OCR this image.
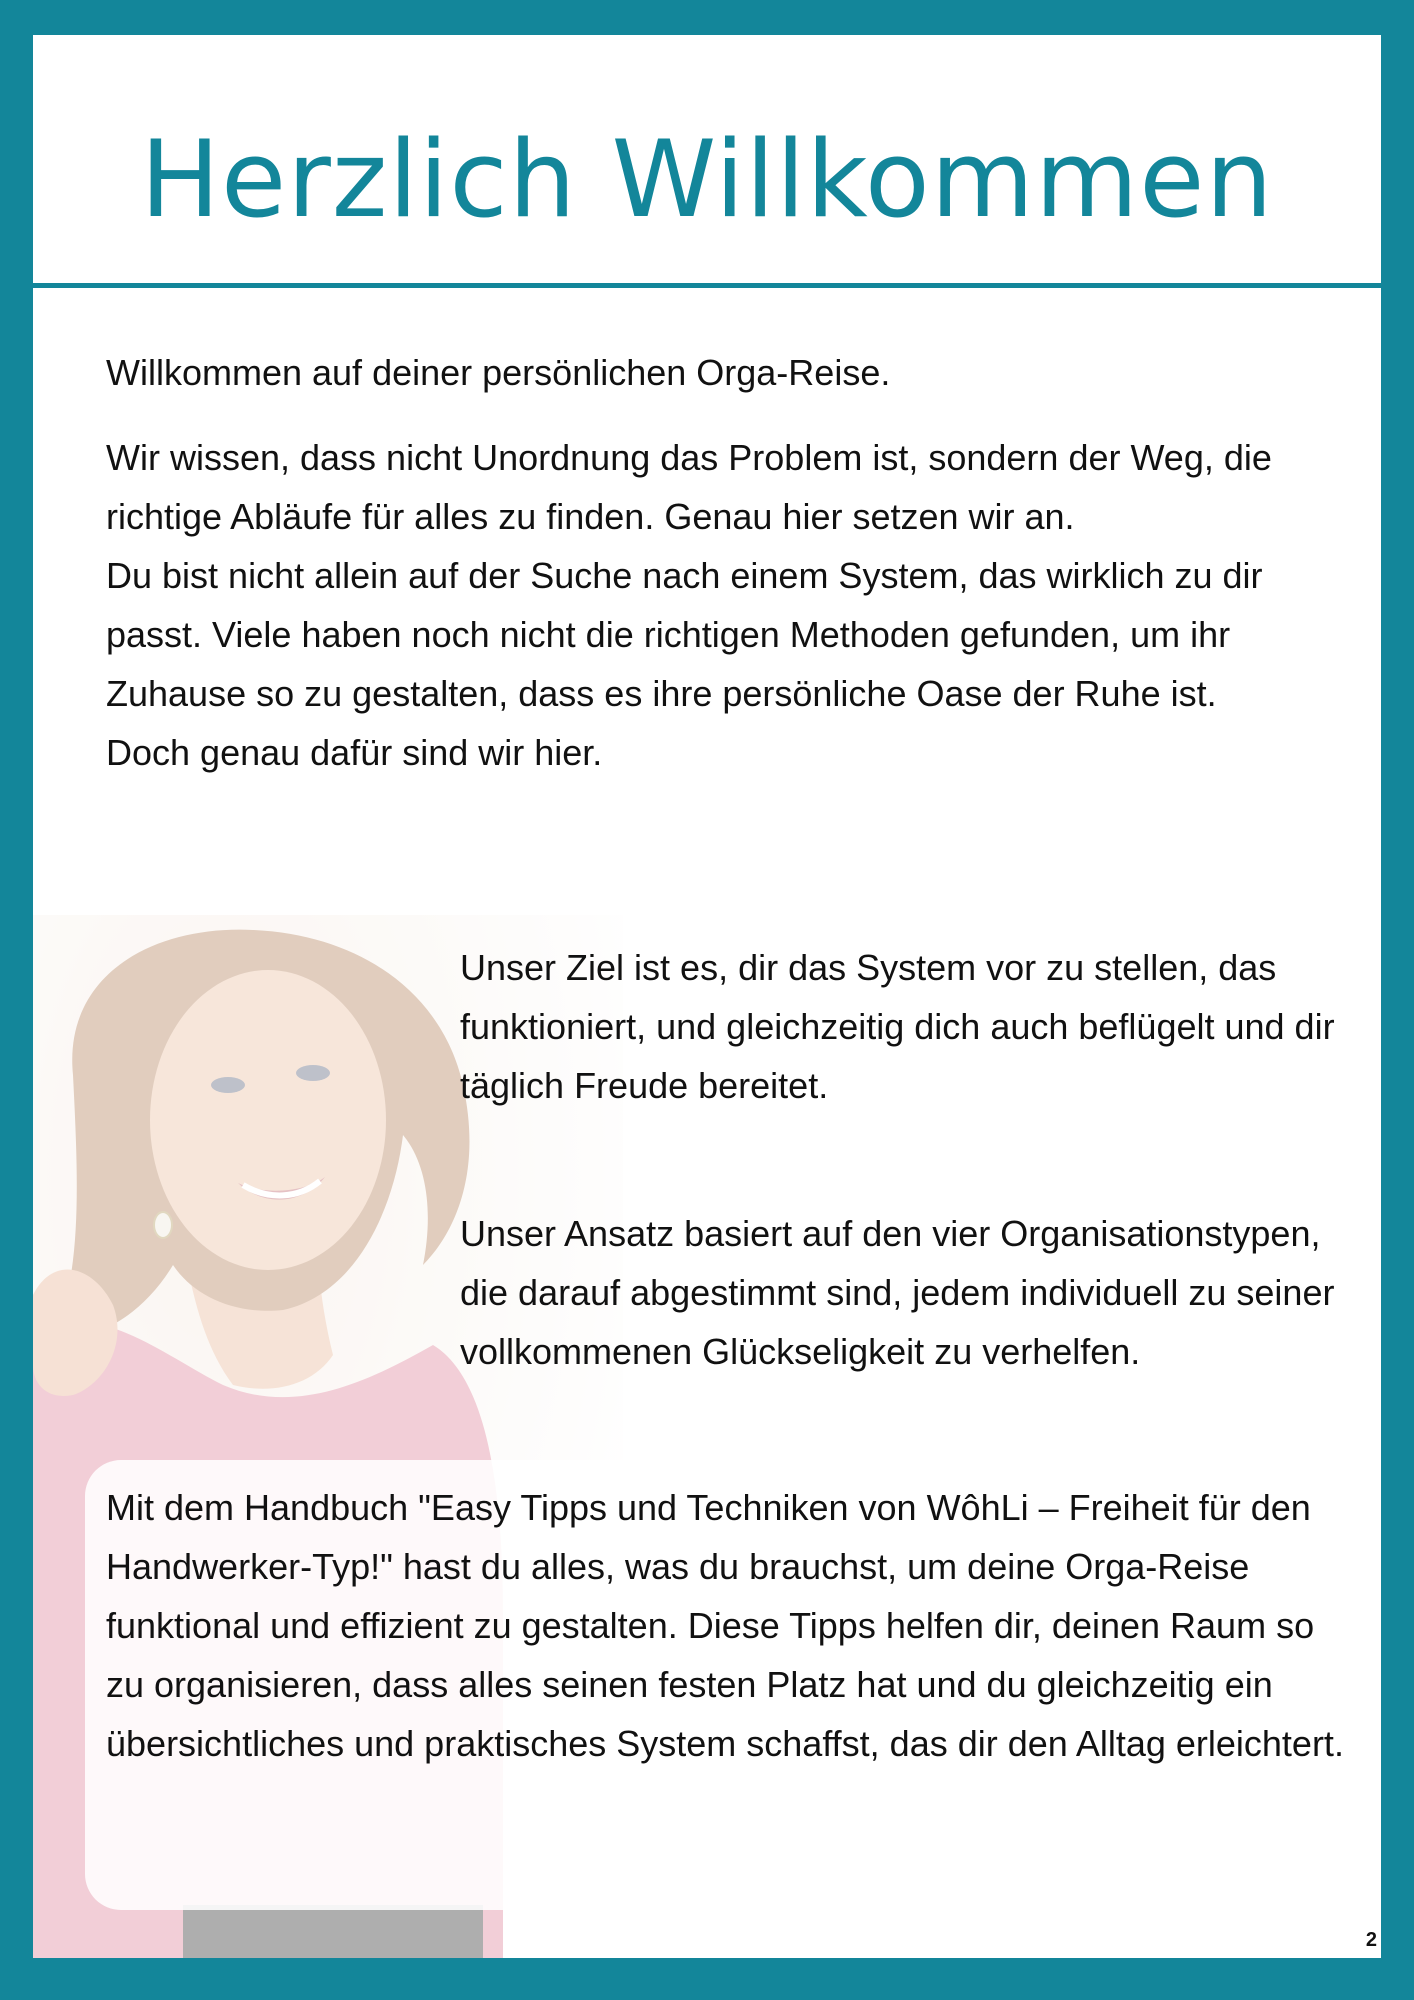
Herzlich Willkommen

Willkommen auf deiner persönlichen Orga-Reise.

Wir wissen, dass nicht Unordnung das Problem ist, sondern der Weg, die richtige Abläufe für alles zu finden. Genau hier setzen wir an.
Du bist nicht allein auf der Suche nach einem System, das wirklich zu dir passt. Viele haben noch nicht die richtigen Methoden gefunden, um ihr Zuhause so zu gestalten, dass es ihre persönliche Oase der Ruhe ist.
Doch genau dafür sind wir hier.

Unser Ziel ist es, dir das System vor zu stellen, das funktioniert, und gleichzeitig dich auch beflügelt und dir täglich Freude bereitet.

Unser Ansatz basiert auf den vier Organisationstypen, die darauf abgestimmt sind, jedem individuell zu seiner vollkommenen Glückseligkeit zu verhelfen.

Mit dem Handbuch "Easy Tipps und Techniken von WôhLi – Freiheit für den Handwerker-Typ!" hast du alles, was du brauchst, um deine Orga-Reise funktional und effizient zu gestalten. Diese Tipps helfen dir, deinen Raum so zu organisieren, dass alles seinen festen Platz hat und du gleichzeitig ein übersichtliches und praktisches System schaffst, das dir den Alltag erleichtert.

2
